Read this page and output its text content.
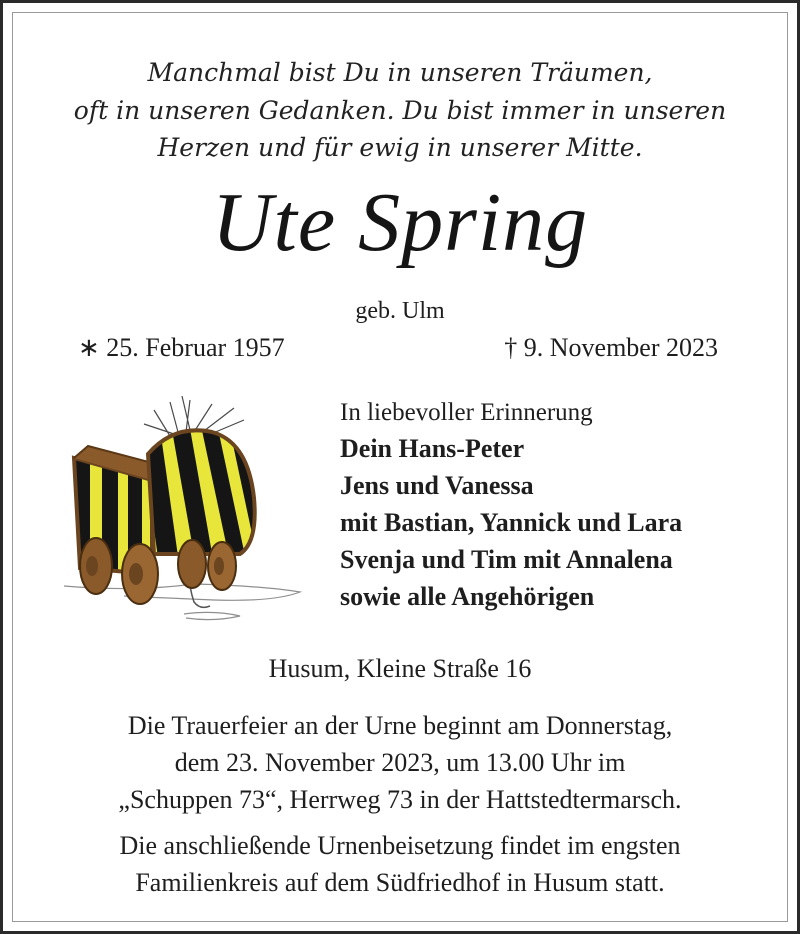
Manchmal bist Du in unseren Träumen,
oft in unseren Gedanken. Du bist immer in unseren
Herzen und für ewig in unserer Mitte.
Ute Spring
geb. Ulm
∗ 25. Februar 1957	† 9. November 2023
In liebevoller Erinnerung
Dein Hans-Peter
Jens und Vanessa
mit Bastian, Yannick und Lara
Svenja und Tim mit Annalena
sowie alle Angehörigen
Husum, Kleine Straße 16
Die Trauerfeier an der Urne beginnt am Donnerstag,
dem 23. November 2023, um 13.00 Uhr im
„Schuppen 73“, Herrweg 73 in der Hattstedtermarsch.
Die anschließende Urnenbeisetzung findet im engsten
Familienkreis auf dem Südfriedhof in Husum statt.
